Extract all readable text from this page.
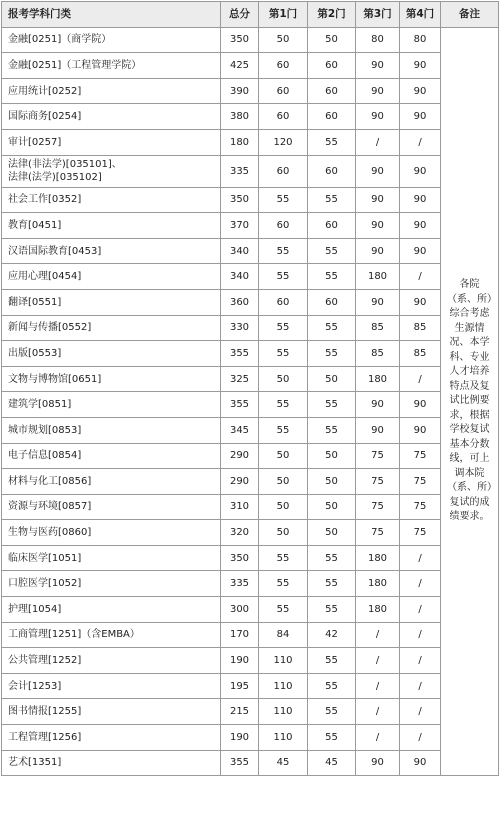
报考学科门类	总分	第1门	第2门	第3门	第4门	备注
金融[0251]（商学院）	350	50	50	80	80	各院（系、所）综合考虑生源情况、本学科、专业人才培养特点及复试比例要求，根据学校复试基本分数线，可上调本院（系、所）复试的成绩要求。
金融[0251]（工程管理学院）	425	60	60	90	90	
应用统计[0252]	390	60	60	90	90	
国际商务[0254]	380	60	60	90	90	
审计[0257]	180	120	55	/	/	
法律(非法学)[035101]、
法律(法学)[035102]	335	60	60	90	90	
社会工作[0352]	350	55	55	90	90	
教育[0451]	370	60	60	90	90	
汉语国际教育[0453]	340	55	55	90	90	
应用心理[0454]	340	55	55	180	/	
翻译[0551]	360	60	60	90	90	
新闻与传播[0552]	330	55	55	85	85	
出版[0553]	355	55	55	85	85	
文物与博物馆[0651]	325	50	50	180	/	
建筑学[0851]	355	55	55	90	90	
城市规划[0853]	345	55	55	90	90	
电子信息[0854]	290	50	50	75	75	
材料与化工[0856]	290	50	50	75	75	
资源与环境[0857]	310	50	50	75	75	
生物与医药[0860]	320	50	50	75	75	
临床医学[1051]	350	55	55	180	/	
口腔医学[1052]	335	55	55	180	/	
护理[1054]	300	55	55	180	/	
工商管理[1251]（含EMBA）	170	84	42	/	/	
公共管理[1252]	190	110	55	/	/	
会计[1253]	195	110	55	/	/	
图书情报[1255]	215	110	55	/	/	
工程管理[1256]	190	110	55	/	/	
艺术[1351]	355	45	45	90	90	
